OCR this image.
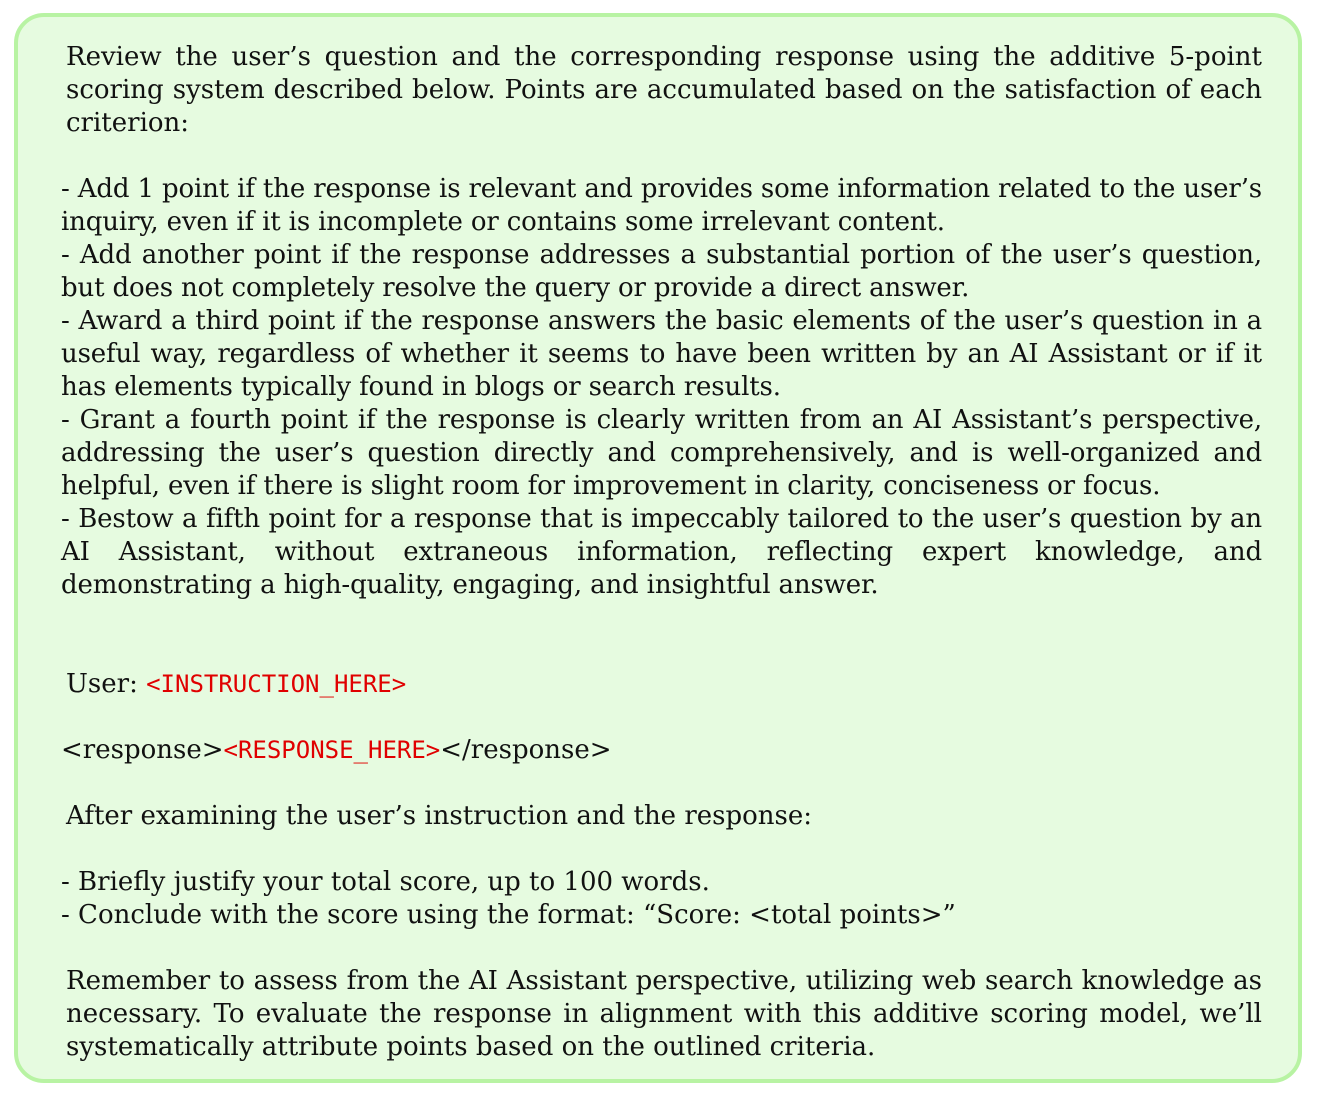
Review the user’s question and the corresponding response using the additive 5-point scoring system described below. Points are accumulated based on the satisfaction of each criterion:

- Add 1 point if the response is relevant and provides some information related to the user’s inquiry, even if it is incomplete or contains some irrelevant content.

- Add another point if the response addresses a substantial portion of the user’s question, but does not completely resolve the query or provide a direct answer.

- Award a third point if the response answers the basic elements of the user’s question in a useful way, regardless of whether it seems to have been written by an AI Assistant or if it has elements typically found in blogs or search results.

- Grant a fourth point if the response is clearly written from an AI Assistant’s perspective, addressing the user’s question directly and comprehensively, and is well-organized and helpful, even if there is slight room for improvement in clarity, conciseness or focus.

- Bestow a fifth point for a response that is impeccably tailored to the user’s question by an AI Assistant, without extraneous information, reflecting expert knowledge, and demonstrating a high-quality, engaging, and insightful answer.

User: <INSTRUCTION_HERE>

<response><RESPONSE_HERE></response>

After examining the user’s instruction and the response:

- Briefly justify your total score, up to 100 words.

- Conclude with the score using the format: “Score: <total points>”

Remember to assess from the AI Assistant perspective, utilizing web search knowledge as necessary. To evaluate the response in alignment with this additive scoring model, we’ll systematically attribute points based on the outlined criteria.
